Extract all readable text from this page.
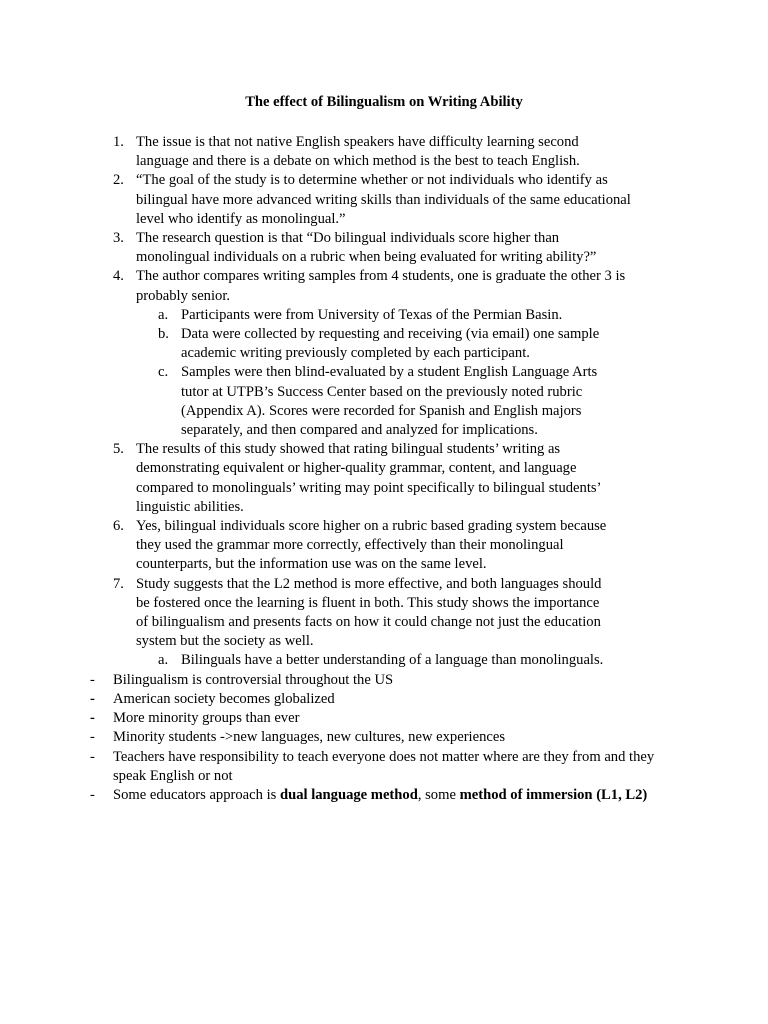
The effect of Bilingualism on Writing Ability
1. The issue is that not native English speakers have difficulty learning second language and there is a debate on which method is the best to teach English.
2. “The goal of the study is to determine whether or not individuals who identify as bilingual have more advanced writing skills than individuals of the same educational level who identify as monolingual.”
3. The research question is that “Do bilingual individuals score higher than monolingual individuals on a rubric when being evaluated for writing ability?”
4. The author compares writing samples from 4 students, one is graduate the other 3 is probably senior.
a. Participants were from University of Texas of the Permian Basin.
b. Data were collected by requesting and receiving (via email) one sample academic writing previously completed by each participant.
c. Samples were then blind-evaluated by a student English Language Arts tutor at UTPB’s Success Center based on the previously noted rubric (Appendix A). Scores were recorded for Spanish and English majors separately, and then compared and analyzed for implications.
5. The results of this study showed that rating bilingual students’ writing as demonstrating equivalent or higher-quality grammar, content, and language compared to monolinguals’ writing may point specifically to bilingual students’ linguistic abilities.
6. Yes, bilingual individuals score higher on a rubric based grading system because they used the grammar more correctly, effectively than their monolingual counterparts, but the information use was on the same level.
7. Study suggests that the L2 method is more effective, and both languages should be fostered once the learning is fluent in both. This study shows the importance of bilingualism and presents facts on how it could change not just the education system but the society as well.
a. Bilinguals have a better understanding of a language than monolinguals.
- Bilingualism is controversial throughout the US
- American society becomes globalized
- More minority groups than ever
- Minority students ->new languages, new cultures, new experiences
- Teachers have responsibility to teach everyone does not matter where are they from and they speak English or not
- Some educators approach is dual language method, some method of immersion (L1, L2)
